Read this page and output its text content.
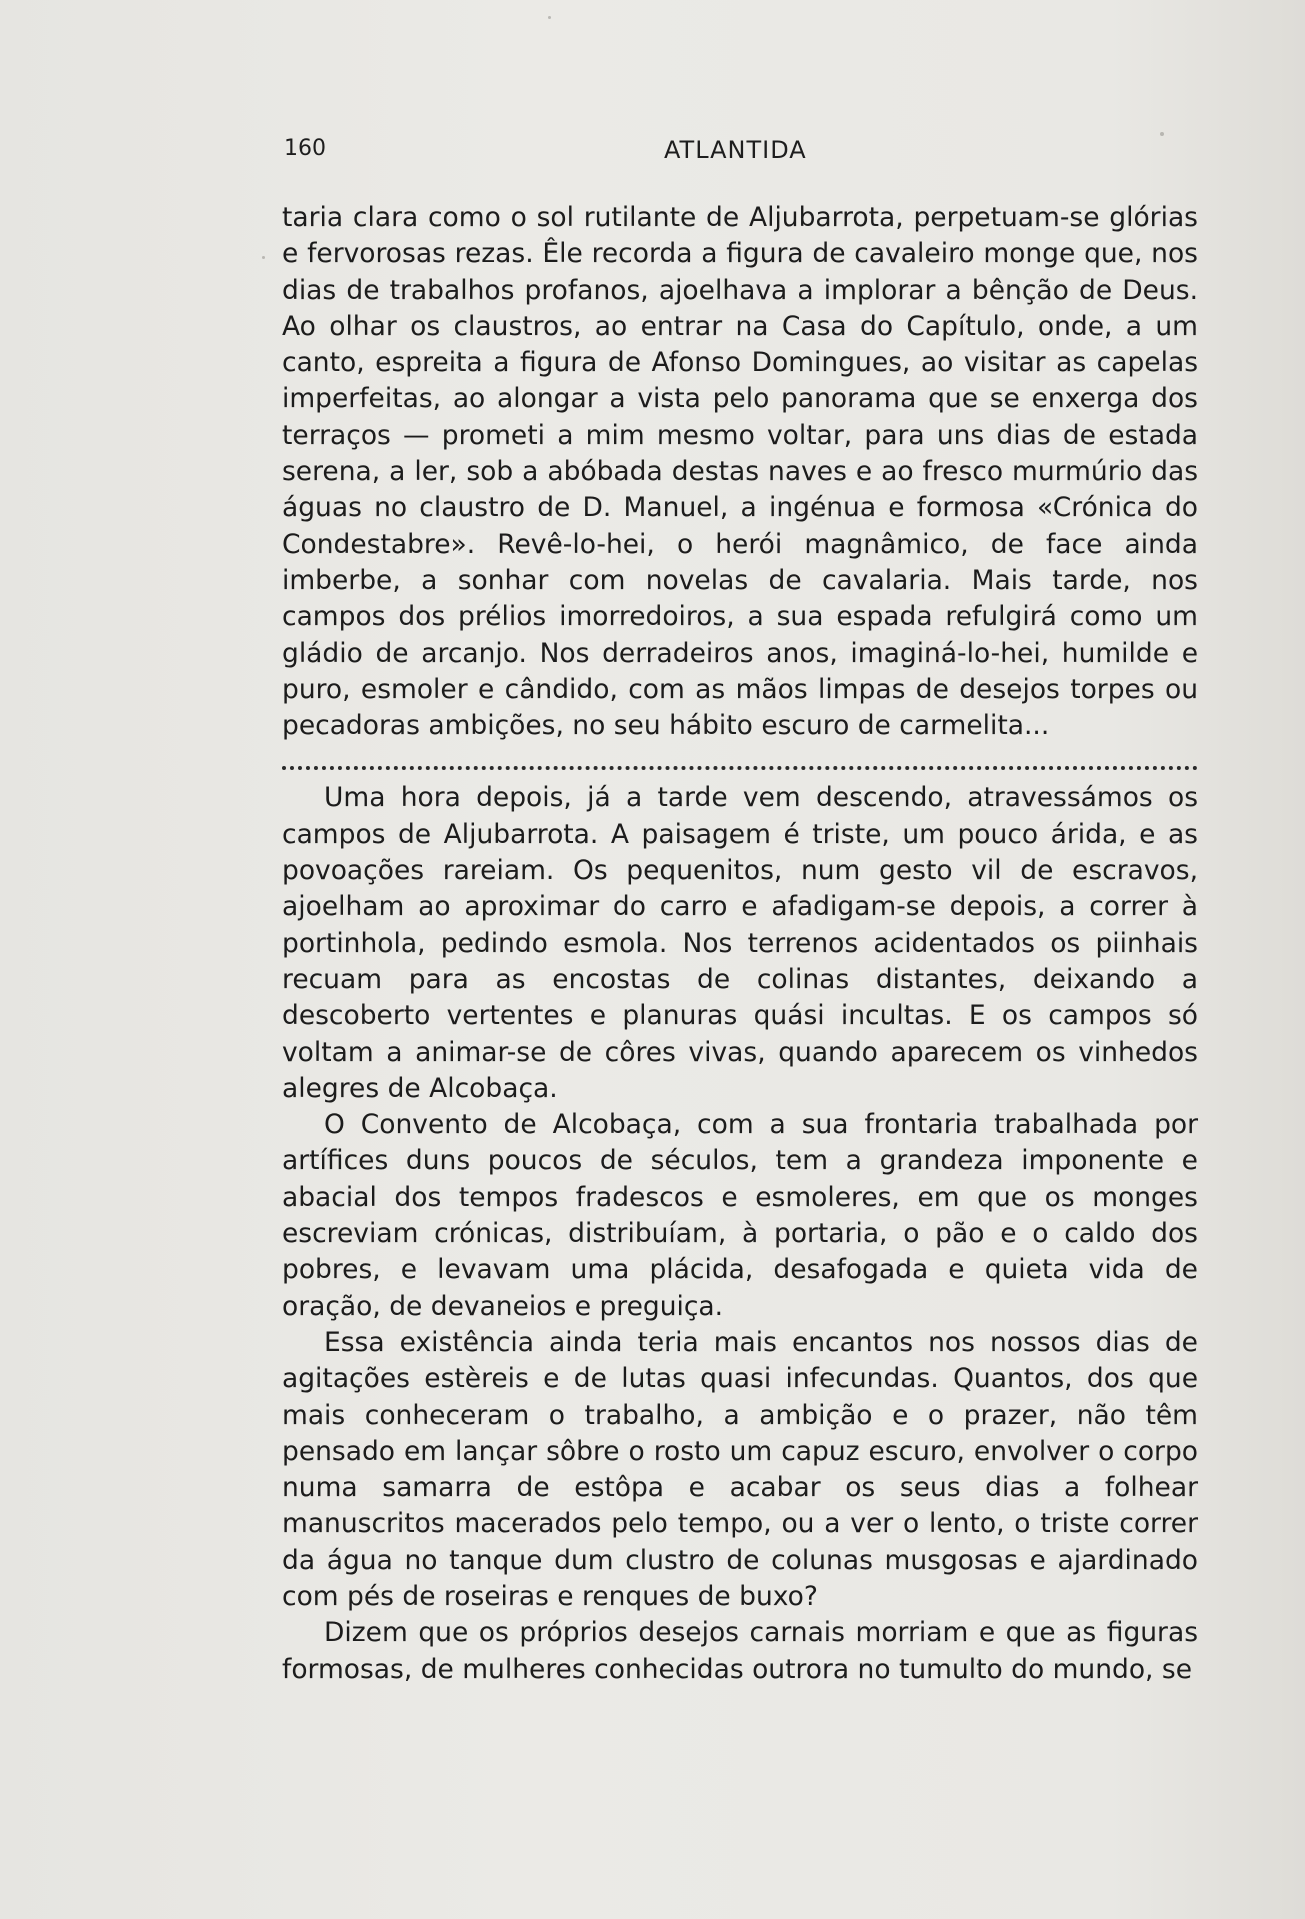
160	ATLANTIDA

taria clara como o sol rutilante de Aljubarrota, perpetuam-se glórias e fervorosas rezas. Êle recorda a figura de cavaleiro monge que, nos dias de trabalhos profanos, ajoelhava a implorar a bênção de Deus. Ao olhar os claustros, ao entrar na Casa do Capítulo, onde, a um canto, espreita a figura de Afonso Domingues, ao visitar as capelas imperfeitas, ao alongar a vista pelo panorama que se enxerga dos terraços — prometi a mim mesmo voltar, para uns dias de estada serena, a ler, sob a abóbada destas naves e ao fresco murmúrio das águas no claustro de D. Manuel, a ingénua e formosa «Crónica do Condestabre». Revê-lo-hei, o herói magnâmico, de face ainda imberbe, a sonhar com novelas de cavalaria. Mais tarde, nos campos dos prélios imorredoiros, a sua espada refulgirá como um gládio de arcanjo. Nos derradeiros anos, imaginá-lo-hei, humilde e puro, esmoler e cândido, com as mãos limpas de desejos torpes ou pecadoras ambições, no seu hábito escuro de carmelita...

Uma hora depois, já a tarde vem descendo, atravessámos os campos de Aljubarrota. A paisagem é triste, um pouco árida, e as povoações rareiam. Os pequenitos, num gesto vil de escravos, ajoelham ao aproximar do carro e afadigam-se depois, a correr à portinhola, pedindo esmola. Nos terrenos acidentados os piinhais recuam para as encostas de colinas distantes, deixando a descoberto vertentes e planuras quási incultas. E os campos só voltam a animar-se de côres vivas, quando aparecem os vinhedos alegres de Alcobaça.

O Convento de Alcobaça, com a sua frontaria trabalhada por artífices duns poucos de séculos, tem a grandeza imponente e abacial dos tempos fradescos e esmoleres, em que os monges escreviam crónicas, distribuíam, à portaria, o pão e o caldo dos pobres, e levavam uma plácida, desafogada e quieta vida de oração, de devaneios e preguiça.

Essa existência ainda teria mais encantos nos nossos dias de agitações estèreis e de lutas quasi infecundas. Quantos, dos que mais conheceram o trabalho, a ambição e o prazer, não têm pensado em lançar sôbre o rosto um capuz escuro, envolver o corpo numa samarra de estôpa e acabar os seus dias a folhear manuscritos macerados pelo tempo, ou a ver o lento, o triste correr da água no tanque dum clustro de colunas musgosas e ajardinado com pés de roseiras e renques de buxo?

Dizem que os próprios desejos carnais morriam e que as figuras formosas, de mulheres conhecidas outrora no tumulto do mundo, se
